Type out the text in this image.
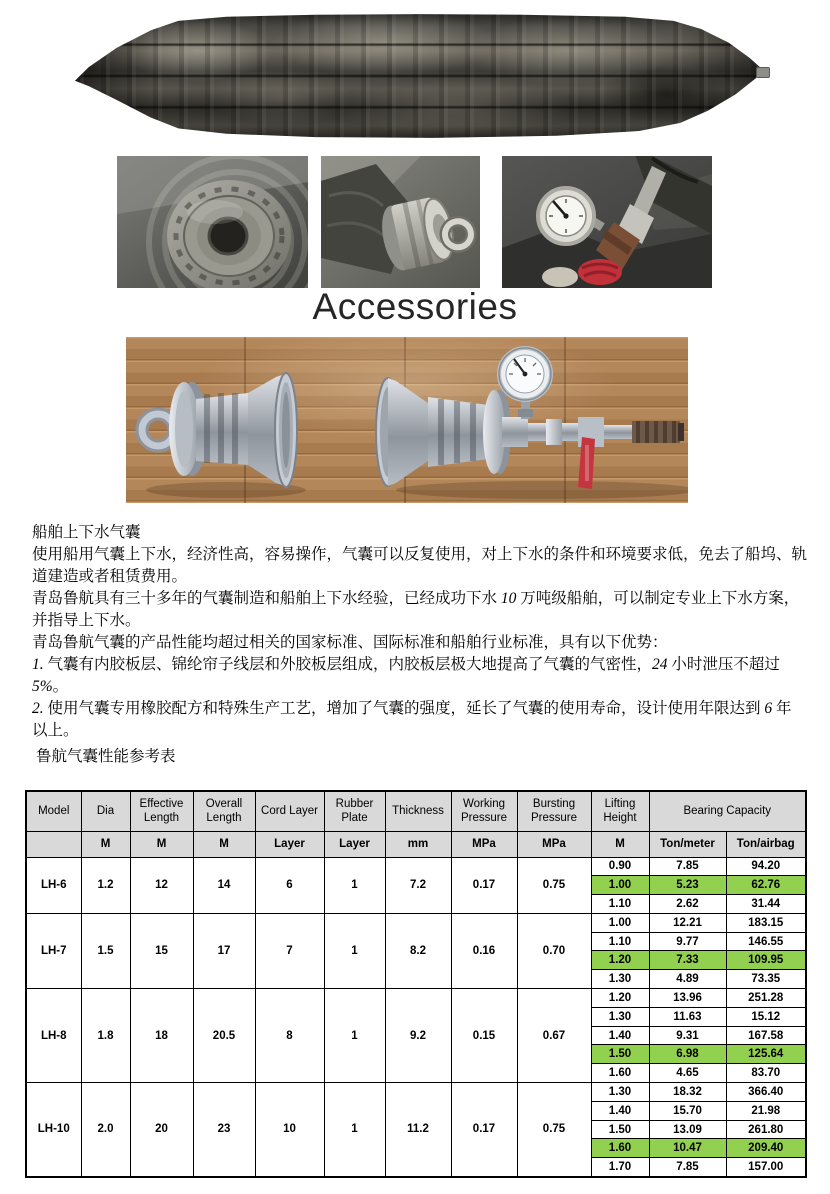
Accessories

船舶上下水气囊

使用船用气囊上下水，经济性高，容易操作，气囊可以反复使用，对上下水的条件和环境要求低，免去了船坞、轨道建造或者租赁费用。

青岛鲁航具有三十多年的气囊制造和船舶上下水经验，已经成功下水 10 万吨级船舶，可以制定专业上下水方案，并指导上下水。

青岛鲁航气囊的产品性能均超过相关的国家标准、国际标准和船舶行业标准，具有以下优势：

1. 气囊有内胶板层、锦纶帘子线层和外胶板层组成，内胶板层极大地提高了气囊的气密性，24 小时泄压不超过 5%。

2. 使用气囊专用橡胶配方和特殊生产工艺，增加了气囊的强度，延长了气囊的使用寿命，设计使用年限达到 6 年以上。

鲁航气囊性能参考表
Model	Dia	Effective Length	Overall Length	Cord Layer	Rubber Plate	Thickness	Working Pressure	Bursting Pressure	Lifting Height	Bearing Capacity	
	M	M	M	Layer	Layer	mm	MPa	MPa	M	Ton/meter	Ton/airbag
LH-6	1.2	12	14	6	1	7.2	0.17	0.75	0.90	7.85	94.20
									1.00	5.23	62.76
									1.10	2.62	31.44
LH-7	1.5	15	17	7	1	8.2	0.16	0.70	1.00	12.21	183.15
									1.10	9.77	146.55
									1.20	7.33	109.95
									1.30	4.89	73.35
LH-8	1.8	18	20.5	8	1	9.2	0.15	0.67	1.20	13.96	251.28
									1.30	11.63	15.12
									1.40	9.31	167.58
									1.50	6.98	125.64
									1.60	4.65	83.70
LH-10	2.0	20	23	10	1	11.2	0.17	0.75	1.30	18.32	366.40
									1.40	15.70	21.98
									1.50	13.09	261.80
									1.60	10.47	209.40
									1.70	7.85	157.00
